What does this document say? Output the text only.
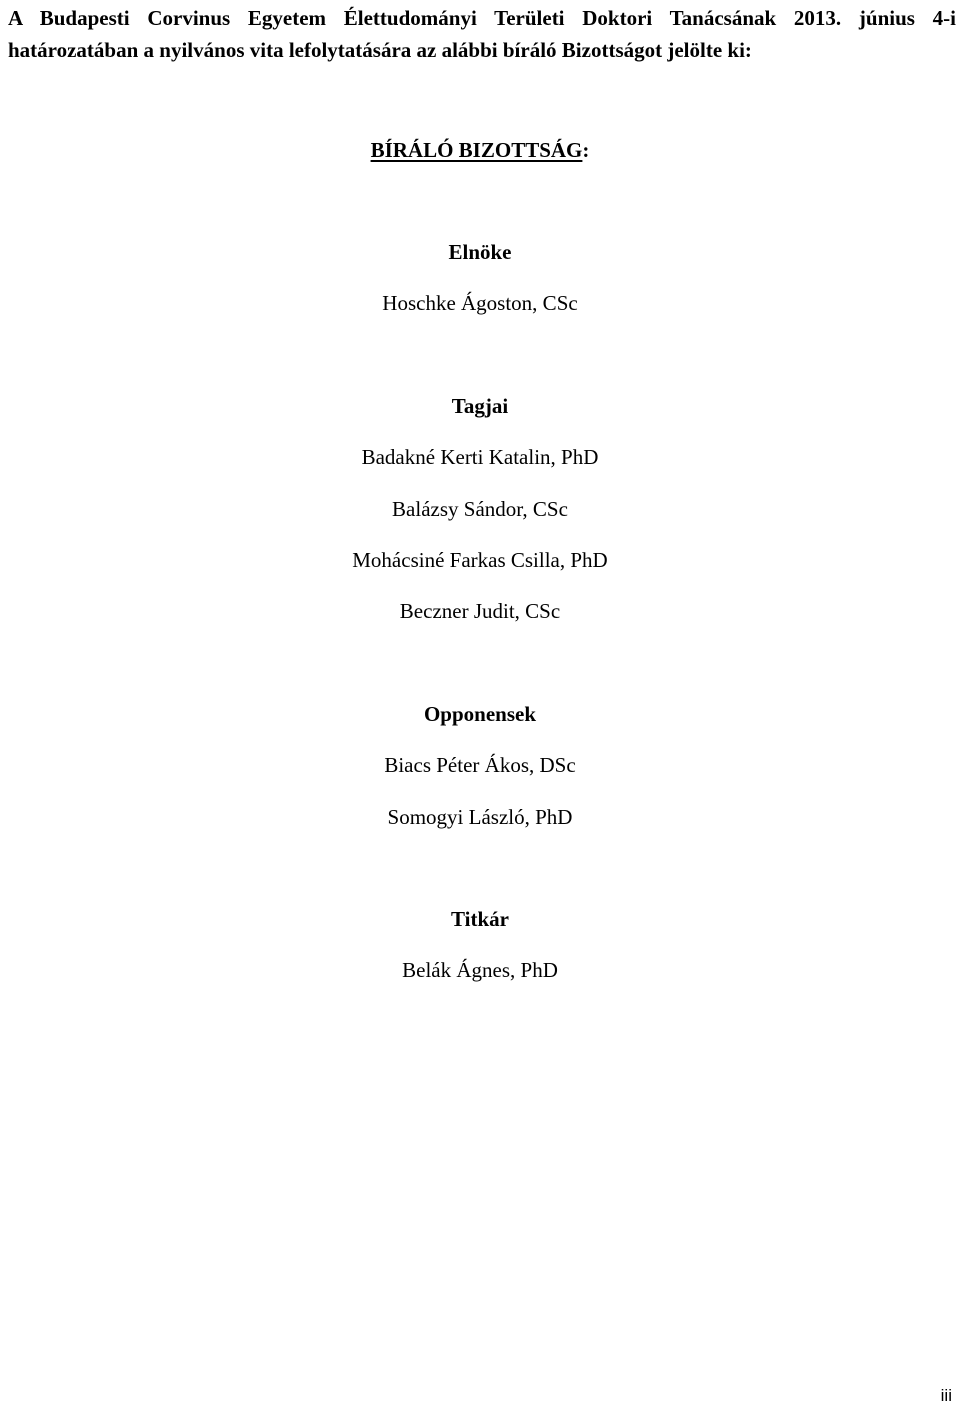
A Budapesti Corvinus Egyetem Élettudományi Területi Doktori Tanácsának 2013. június 4-i határozatában a nyilvános vita lefolytatására az alábbi bíráló Bizottságot jelölte ki:

BÍRÁLÓ BIZOTTSÁG:

Elnöke

Hoschke Ágoston, CSc

Tagjai

Badakné Kerti Katalin, PhD

Balázsy Sándor, CSc

Mohácsiné Farkas Csilla, PhD

Beczner Judit, CSc

Opponensek

Biacs Péter Ákos, DSc

Somogyi László, PhD

Titkár

Belák Ágnes, PhD

iii
